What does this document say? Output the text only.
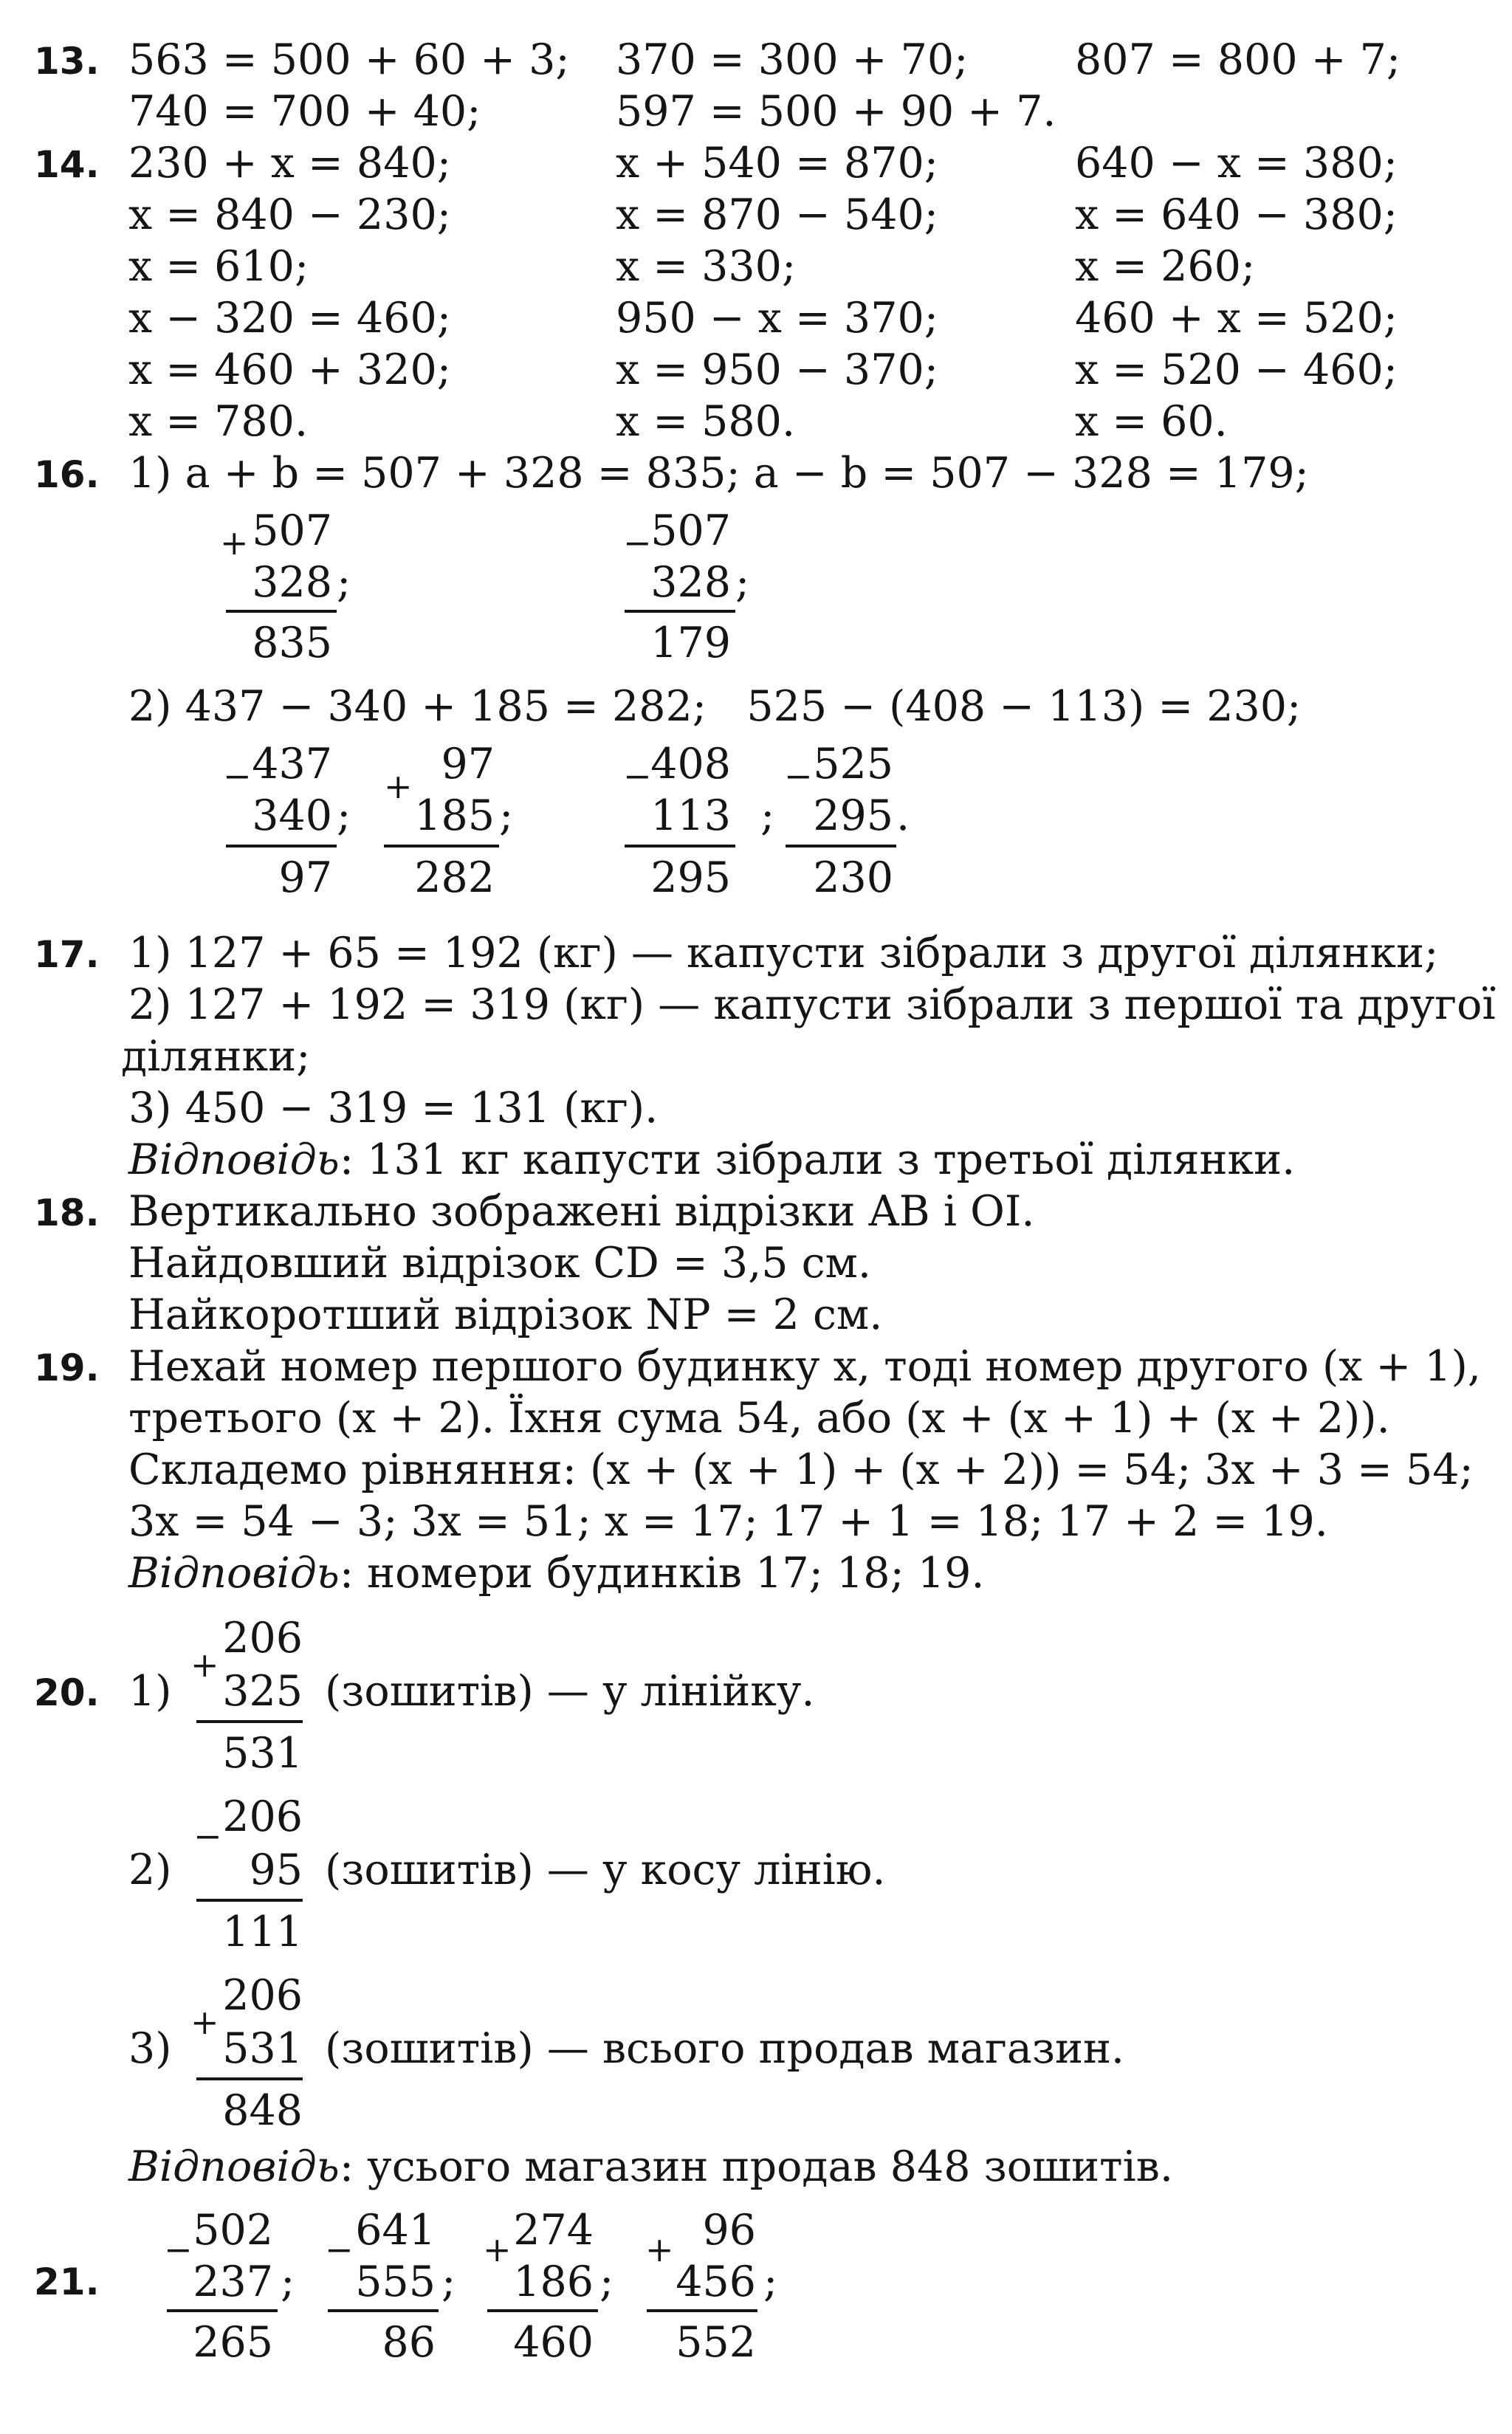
13. 563 = 500 + 60 + 3; 370 = 300 + 70;	807 = 800 + 7;
740 = 700 + 40;	597 = 500 + 90 + 7.
14. 230 + x = 840;
x = 840 − 230;
x = 610;
x − 320 = 460;
x = 460 + 320;
x = 780.
x + 540 = 870;
x = 870 − 540;
x = 330;
950 − x = 370;
x = 950 − 370;
x = 580.
640 − x = 380;
x = 640 − 380;
x = 260;
460 + x = 520;
x = 520 − 460;
x = 60.
16. 1) a + b = 507 + 328 = 835; a − b = 507 − 328 = 179;
+ 507
328 ;
835
−
507
328 ;
179
2) 437 − 340 + 185 = 282;   525 − (408 − 113) = 230;
− 437
340 ;
97
+ 97
185 ;
282
−
408
113 ;
295
− 525
295 .
230
17. 1) 127 + 65 = 192 (кг) — капусти зібрали з другої ділянки;
2) 127 + 192 = 319 (кг) — капусти зібрали з першої та другої
ділянки;
3) 450 − 319 = 131 (кг).
Відповідь: 131 кг капусти зібрали з третьої ділянки.
18. Вертикально зображені відрізки AB і OI.
Найдовший відрізок CD = 3,5 см.
Найкоротший відрізок NP = 2 см.
19. Нехай номер першого будинку x, тоді номер другого (x + 1),
третього (x + 2). Їхня сума 54, або (x + (x + 1) + (x + 2)).
Складемо рівняння: (x + (x + 1) + (x + 2)) = 54; 3x + 3 = 54;
3x = 54 − 3; 3x = 51; x = 17; 17 + 1 = 18; 17 + 2 = 19.
Відповідь: номери будинків 17; 18; 19.
20. 1)
+
206
325
531
(зошитів) — у лінійку.
2)
− 206
95
111
(зошитів) — у косу лінію.
3)
+
206
531
848
(зошитів) — всього продав магазин.
Відповідь: усього магазин продав 848 зошитів.
21.
− 502
237 ;
265
− 641
555 ;
86
+ 274
186 ;
460
+ 96
456 ;
552
